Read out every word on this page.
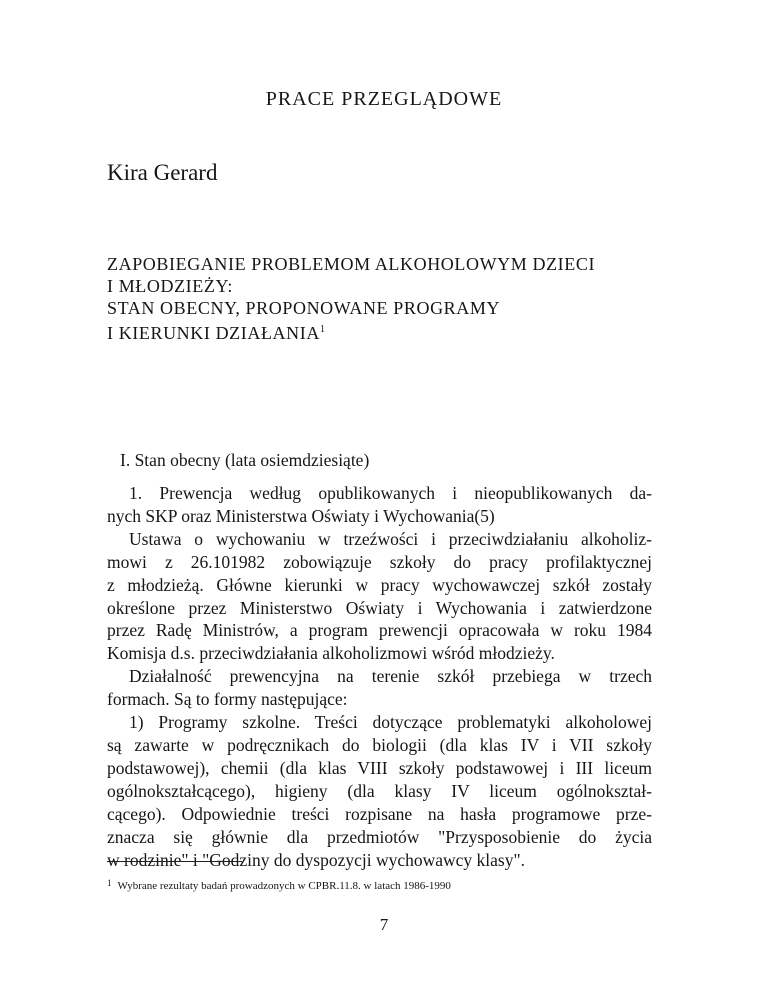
PRACE PRZEGLĄDOWE
Kira Gerard
ZAPOBIEGANIE PROBLEMOM ALKOHOLOWYM DZIECI
I MŁODZIEŻY:
STAN OBECNY, PROPONOWANE PROGRAMY
I KIERUNKI DZIAŁANIA$^1$
I. Stan obecny (lata osiemdziesiąte)

1. Prewencja według opublikowanych i nieopublikowanych da-

nych SKP oraz Ministerstwa Oświaty i Wychowania(5)

Ustawa o wychowaniu w trzeźwości i przeciwdziałaniu alkoholiz-

mowi z 26.101982 zobowiązuje szkoły do pracy profilaktycznej

z młodzieżą. Główne kierunki w pracy wychowawczej szkół zostały

określone przez Ministerstwo Oświaty i Wychowania i zatwierdzone

przez Radę Ministrów, a program prewencji opracowała w roku 1984

Komisja d.s. przeciwdziałania alkoholizmowi wśród młodzieży.

Działalność prewencyjna na terenie szkół przebiega w trzech

formach. Są to formy następujące:

1) Programy szkolne. Treści dotyczące problematyki alkoholowej

są zawarte w podręcznikach do biologii (dla klas IV i VII szkoły

podstawowej), chemii (dla klas VIII szkoły podstawowej i III liceum

ogólnokształcącego), higieny (dla klasy IV liceum ogólnokształ-

cącego). Odpowiednie treści rozpisane na hasła programowe prze-

znacza się głównie dla przedmiotów "Przysposobienie do życia

w rodzinie" i "Godziny do dyspozycji wychowawcy klasy".

$^1$ Wybrane rezultaty badań prowadzonych w CPBR.11.8. w latach 1986-1990
7
